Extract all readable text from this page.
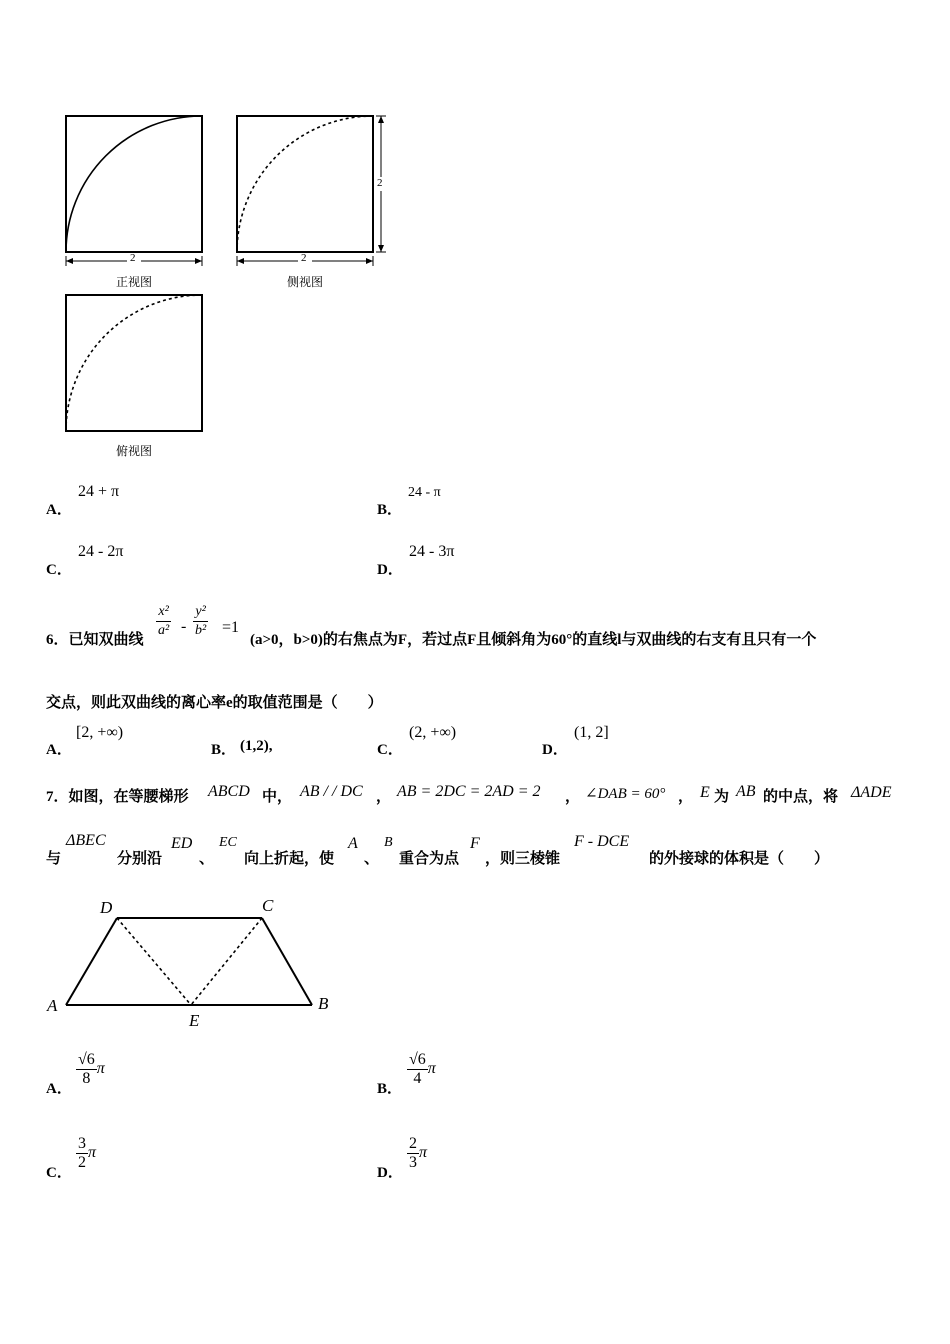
2	2
2
正视图	侧视图
俯视图
A．
24 + π
B．
24 - π
C．
24 - 2π
D．
24 - 3π
6．已知双曲线 $\frac{\text{x²}}{\text{a²}} - \frac{\text{y²}}{\text{b²}} =1$
(a>0，b>0)的右焦点为F，若过点F且倾斜角为60°的直线l与双曲线的右支有且只有一个
交点，则此双曲线的离心率e的取值范围是（　　）
A．
[2, +∞)
B． (1,2),	C．
(2, +∞)
D．
(1, 2]
7．如图，在等腰梯形 ABCD 中， AB / / DC ， AB = 2DC = 2AD = 2 ， ∠DAB = 60° ， E 为 AB 的中点，将 ΔADE
与
ΔBEC
分别沿
ED
、
EC
向上折起，使
A
、
B
重合为点
F
，则三棱锥
F - DCE
的外接球的体积是（　　）
D	C
A
E
B
A．
$\frac{√6}{8}$ π
B．
$\frac{√6}{4}$ π
C．
$\frac{3}{2}$ π
D．
$\frac{2}{3}$ π
